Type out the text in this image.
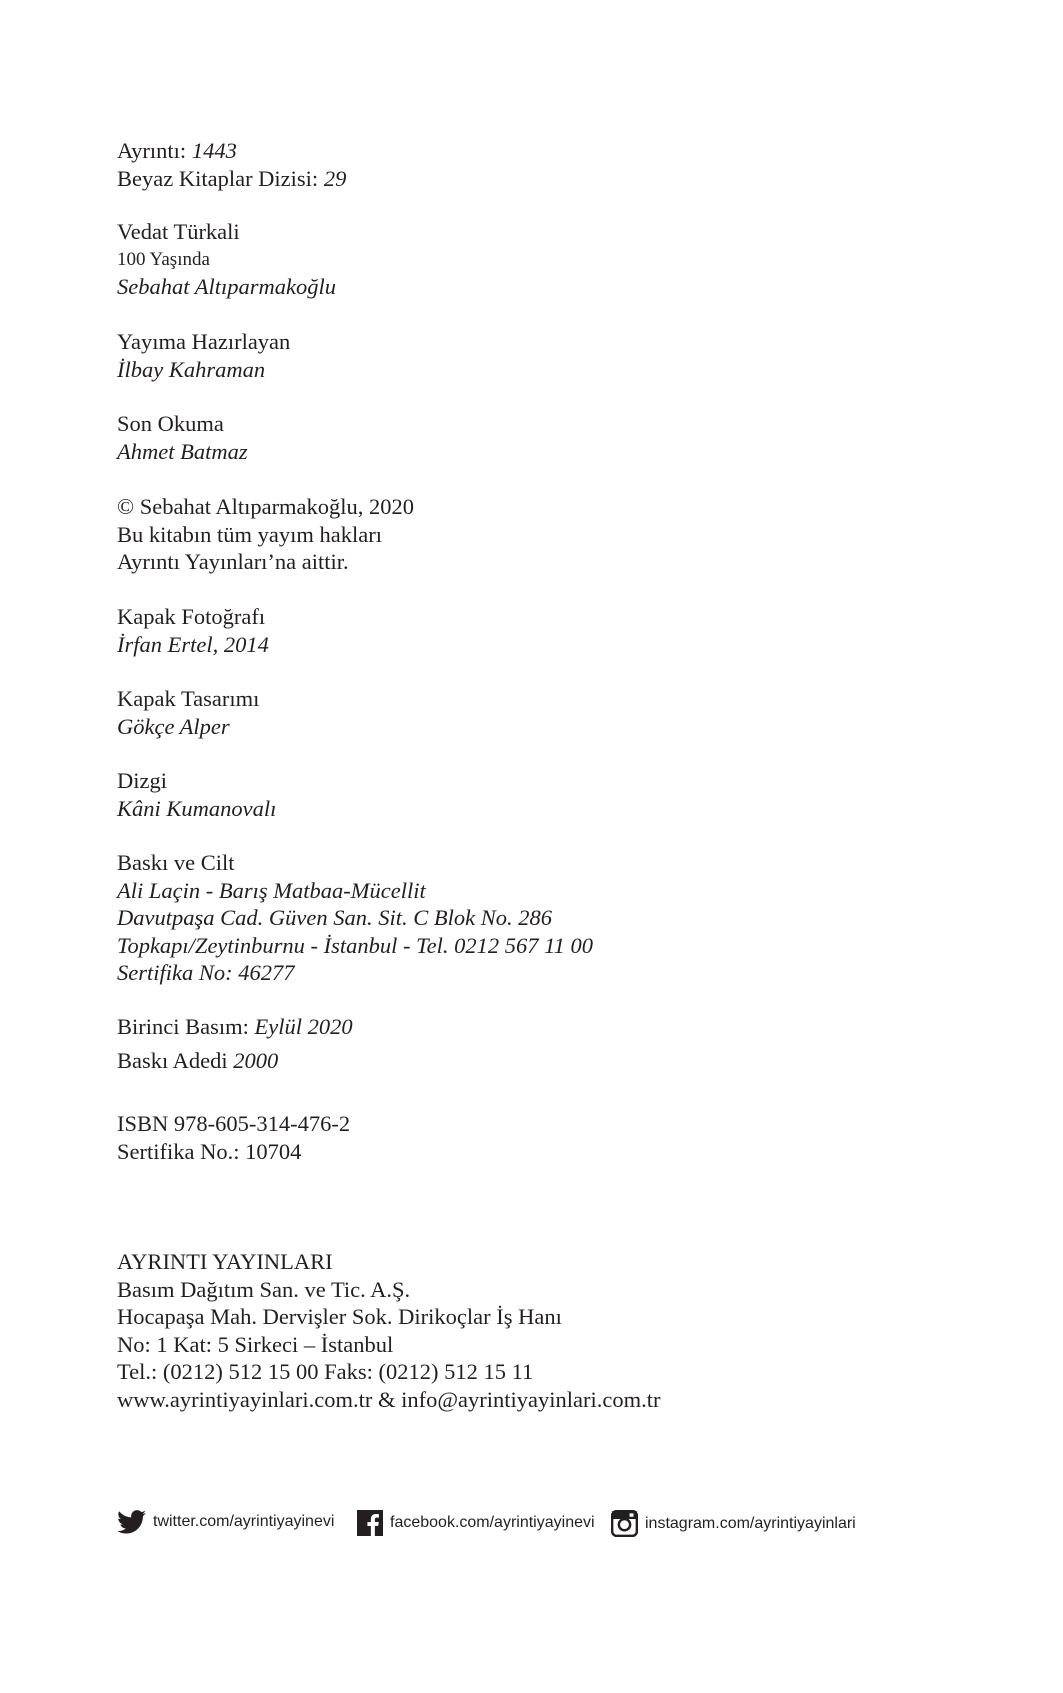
Ayrıntı: 1443
Beyaz Kitaplar Dizisi: 29
Vedat Türkali
100 Yaşında
Sebahat Altıparmakoğlu
Yayıma Hazırlayan
İlbay Kahraman
Son Okuma
Ahmet Batmaz
© Sebahat Altıparmakoğlu, 2020
Bu kitabın tüm yayım hakları
Ayrıntı Yayınları’na aittir.
Kapak Fotoğrafı
İrfan Ertel, 2014
Kapak Tasarımı
Gökçe Alper
Dizgi
Kâni Kumanovalı
Baskı ve Cilt
Ali Laçin - Barış Matbaa-Mücellit
Davutpaşa Cad. Güven San. Sit. C Blok No. 286
Topkapı/Zeytinburnu - İstanbul - Tel. 0212 567 11 00
Sertifika No: 46277
Birinci Basım: Eylül 2020
Baskı Adedi 2000
ISBN 978-605-314-476-2
Sertifika No.: 10704
AYRINTI YAYINLARI
Basım Dağıtım San. ve Tic. A.Ş.
Hocapaşa Mah. Dervişler Sok. Dirikoçlar İş Hanı
No: 1 Kat: 5 Sirkeci – İstanbul
Tel.: (0212) 512 15 00 Faks: (0212) 512 15 11
www.ayrintiyayinlari.com.tr & info@ayrintiyayinlari.com.tr
twitter.com/ayrintiyayinevi	facebook.com/ayrintiyayinevi	instagram.com/ayrintiyayinlari
